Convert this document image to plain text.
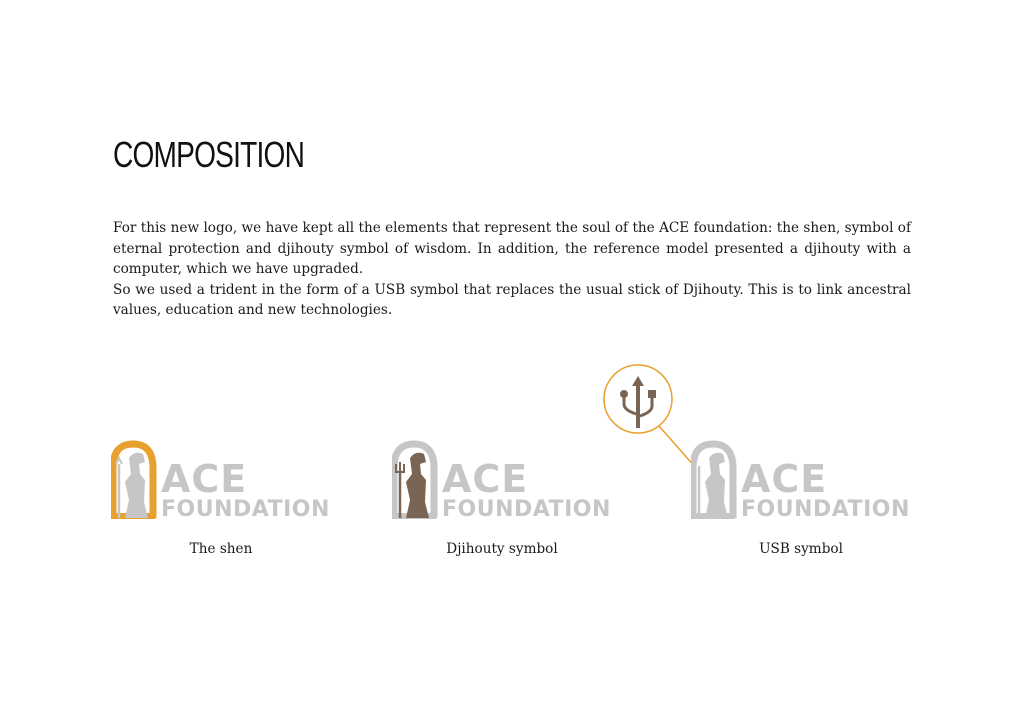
COMPOSITION

For this new logo, we have kept all the elements that represent the soul of the ACE foundation: the shen, symbol of eternal protection and djihouty symbol of wisdom. In addition, the reference model presented a djihouty with a computer, which we have upgraded.

So we used a trident in the form of a USB symbol that replaces the usual stick of Djihouty. This is to link ancestral values, education and new technologies.

ACE
FOUNDATION
The shen
ACE
FOUNDATION
Djihouty symbol
ACE
FOUNDATION
USB symbol
